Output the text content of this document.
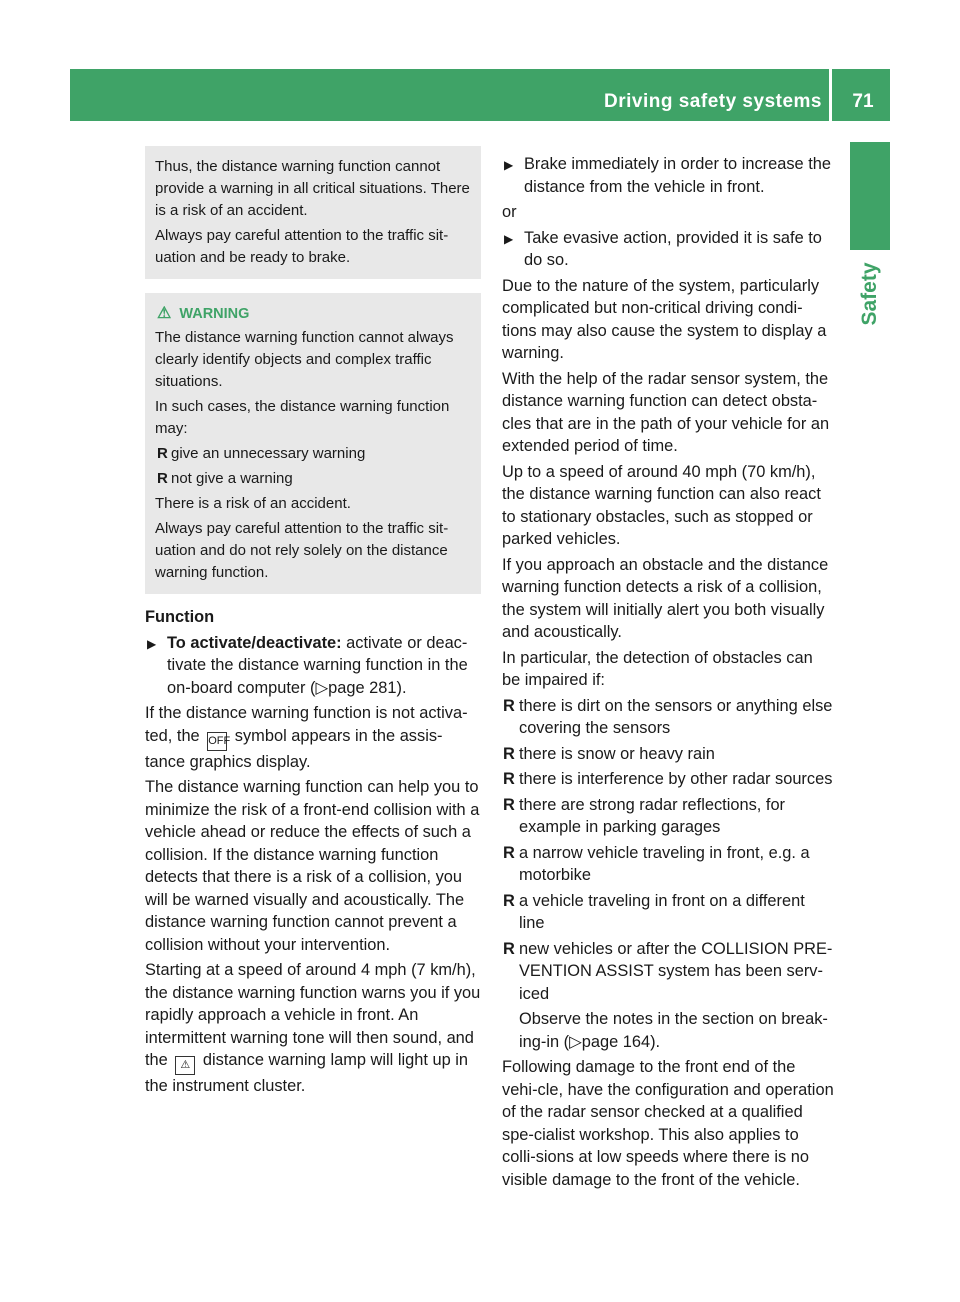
Driving safety systems	71
Safety

Thus, the distance warning function cannot provide a warning in all critical situations. There is a risk of an accident.

Always pay careful attention to the traffic sit-uation and be ready to brake.

⚠ WARNING

The distance warning function cannot always clearly identify objects and complex traffic situations.

In such cases, the distance warning function may:

R give an unnecessary warning

R not give a warning

There is a risk of an accident.

Always pay careful attention to the traffic sit-uation and do not rely solely on the distance warning function.

Function

▶ To activate/deactivate: activate or deac-tivate the distance warning function in the on-board computer (▷page 281).

If the distance warning function is not activa-ted, the OFF symbol appears in the assis-tance graphics display.

The distance warning function can help you to minimize the risk of a front-end collision with a vehicle ahead or reduce the effects of such a collision. If the distance warning function detects that there is a risk of a collision, you will be warned visually and acoustically. The distance warning function cannot prevent a collision without your intervention.

Starting at a speed of around 4 mph (7 km/h), the distance warning function warns you if you rapidly approach a vehicle in front. An intermittent warning tone will then sound, and the ⚠ distance warning lamp will light up in the instrument cluster.

▶ Brake immediately in order to increase the distance from the vehicle in front.

or

▶ Take evasive action, provided it is safe to do so.

Due to the nature of the system, particularly complicated but non-critical driving condi-tions may also cause the system to display a warning.

With the help of the radar sensor system, the distance warning function can detect obsta-cles that are in the path of your vehicle for an extended period of time.

Up to a speed of around 40 mph (70 km/h), the distance warning function can also react to stationary obstacles, such as stopped or parked vehicles.

If you approach an obstacle and the distance warning function detects a risk of a collision, the system will initially alert you both visually and acoustically.

In particular, the detection of obstacles can be impaired if:

R there is dirt on the sensors or anything else covering the sensors

R there is snow or heavy rain

R there is interference by other radar sources

R there are strong radar reflections, for example in parking garages

R a narrow vehicle traveling in front, e.g. a motorbike

R a vehicle traveling in front on a different line

R new vehicles or after the COLLISION PRE-VENTION ASSIST system has been serv-iced

Observe the notes in the section on break-ing-in (▷page 164).

Following damage to the front end of the vehi-cle, have the configuration and operation of the radar sensor checked at a qualified spe-cialist workshop. This also applies to colli-sions at low speeds where there is no visible damage to the front of the vehicle.
